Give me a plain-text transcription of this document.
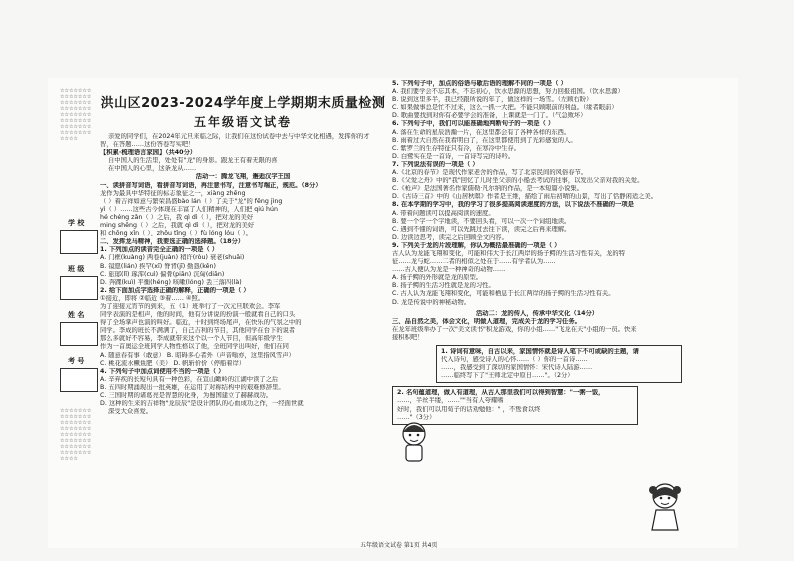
☆☆☆☆☆☆☆☆☆☆☆☆☆☆☆☆☆☆☆☆☆☆☆☆☆☆☆☆☆☆☆☆☆☆☆☆☆☆☆☆☆☆☆☆☆☆☆☆☆☆☆☆☆☆☆☆☆☆☆☆
学 校
班 级
姓 名
考 号
☆☆☆☆☆☆☆☆☆☆☆☆☆☆☆☆☆☆☆☆☆☆☆☆☆☆☆☆☆☆☆☆☆☆☆☆☆☆☆☆☆☆☆☆☆☆☆☆☆☆☆☆☆☆☆☆☆☆☆☆
洪山区2023-2024学年度上学期期末质量检测
五年级语文试卷
亲爱的同学们，在2024年元旦来临之际，让我们在这份试卷中去与中华文化相遇，发挥你的才
智，在答题……这份答卷写实吧！
【积累·梳理语言家园】（共40分）
自中国人的生活里，处处有"龙"的身影。跟龙王有着无限的喜
在中国人的心里，这条龙从……
活动一：腾龙飞翔，邂逅汉字王国
一、读拼音写词语，看拼音写词语，再注意书写，注意书写端正，规范。（8分）
龙作为最具中华特征的标志象征之一，xiàng zhēng
（ ）着吉祥如意与繁荣昌盛bào lán（ ）了关于"龙"的 fēng jìng
yì（ ）……这些古今体现在丰富了人们精神的，人们把 qiú hún
hé chéng zǎn（ ）之后，我 qì dì（ ），把对龙的美好
ming shēng（ ）之后，我就 qì dì（ ），把对龙的美好
和 chōng xǐn（ ）、zhōu tǐng（ ）fù lóng lóu（ ）。
二、发挥龙马精神，我要选正确的选择题。（18分）
1. 下列加点的读音完全正确的一项是（ ）
A. 门框(kuàng) 两卷(juàn) 稍许(ròu) 衰老(shuāi)
B. 镜愿(lián) 挨罕(xī) 脊背(jī) 勤恳(kěn)
C. 旅邸(lǐ) 琢浑(cuì) 偏骨(piān) 沉甸(diān)
D. 奔踝(kuì) 平衡(héng) 咳嗽(lóng) 丢三落四(là)
2. 给下面加点字选择正确的解释，正确的一项是（ ）
①接近，即将 ②临近 ③着…… ④照。
为了迎接元宵节的到来，五（1）班举行了一次元旦联欢会。李军
同学表演的是相声，他的时间，他有分讲说的扮演一般就看自己的口头
得了全场掌声也演的叫好。临近，十时到终场尾声，在快乐的气氛之中的
同学。李成的班长不满满了，自己吉利的节目，其他同学在台下的说者
那么多就好不容易，李成就带来这个以一个人节目，但高年级学生
作为一首奥运全班同学人物性格以了他，全班同学出叫好，他们在同
A. 随意春有事（敢意） B. 昭碍多心者外（声音嗡亦，这里指风雪声）
C. 桃花流水鳜鱼肥（美） D. 帆斩价价（停船着岸）
4. 下列句子中加点词使用不当的一项是（ ）
A. 辛弃疾的长短句具有一种色彩，在宣山瞰岭的江湖中读了之后
B. 五四时期涌现出一批英雄，在运用了对称结构中的艰难修辞里。
C. 三国时期的诸葛亮是智慧的化身，为蜀国建立了赫赫战功。
D. 这种的生来的吉祥物"龙辰辰"是设计团队的心血成功之作，一经面世就
深受大众喜爱。
5. 下列句子中，加点的俗语与歇后语的理解不同的一项是（ ）
A. 我们要学会不忘其本，不忘初心，饮水思源的思想，努力回报祖国。（饮水思源）
B. 说到这里多半，我已经跟所说的年了，做这样的一场雪。（左顾右盼）
C. 如果做事总是忙不过来，这么一抓一大把。不能只顾眼前的利益。（缘者眼前）
D. 歌曲要找到对你有必要学会的准备，上课就是一门了。（气急败坏）
6. 下列句子中，我们可以能准确地判断句子的一项是（ ）
A. 落在生命的星辰浩瀚一片，在这里都会有了各种各样的东西。
B. 雨着过大自然在我看明白了，在这里都使用到了光彩感觉的人。
C. 紫罗兰的生存特征只有冷，在寒冷中生存。
D. 白鹭实在是一首诗，一首诗写完的诗吟。
7. 下列说法有误的一项是（ ）
A.《北京的春节》是现代作家老舍的作品，写了北京民间的风俗春节。
B.《父爱之舟》中的"我"回忆了儿时坐父亲的小船去考试的往事，以发出父亲对我的关爱。
C.《枪声》是法国著名作家儒勒·凡尔纳的作品，是一本短篇小说集。
D.《古诗三首》中的《山居秋暝》作者是王维，描绘了雨后初晴的山景，写出了恬静闲适之美。
8. 在本学期的学习中，我的学习了很多提高阅读速度的方法，以下说法不准确的一项是
A. 带着问题读可以提高阅读的速度。
B. 要一个字一个字地读，不要回头看，可以一次一个词组地读。
C. 遇到不懂的词语，可以先跳过去往下读，读完之后再来理解。
D. 边读边思考，读完之后回顾全文内容。
9. 下列关于龙的片段理解，你认为概括最准确的一项是（ ）
古人认为龙能飞翔和变化，可能和伟大于长江两岸的扬子鳄的生活习性有关，龙的特
征……龙与蛇……二者的相似之处在于……有学者认为……
……古人便认为龙是一种神奇的动物……
A. 扬子鳄的外形就是龙的原型。
B. 扬子鳄的生活习性就是龙的习性。
C. 古人认为龙能飞翔和变化，可能和栖息于长江两岸的扬子鳄的生活习性有关。
D. 龙是传说中的神秘动物。
活动二：龙的传人，传承中华文化（14分）
三、品自然之美，体会文化，明做人道理，完成关于龙的学习任务。
在龙年班级举办了一次"美文读书"积龙游戏，你的小组……"飞龙在天"小组的一员。快来
接积积吧！
1. 诗词有意味，自古以来，家国情怀就是诗人笔下不可或缺的主题，请
代入诗句，感受诗人的心怀……（ ）你的一首诗……
……，我感受到了深切的家国情怀：宋代诗人陆游……
……临终写下了"王师北定中原日……"。（2分）
2. 名句蕴道理，做人有道理，从古人那里我们可以得到智慧："一粥一饭，
……，半丝半缕，……""当有人夸耀嗜
好时，我们可以用荀子的话劝勉他：" ，不鸷食以终
……"（3分）
五年级语文试卷 第1页 共4页
